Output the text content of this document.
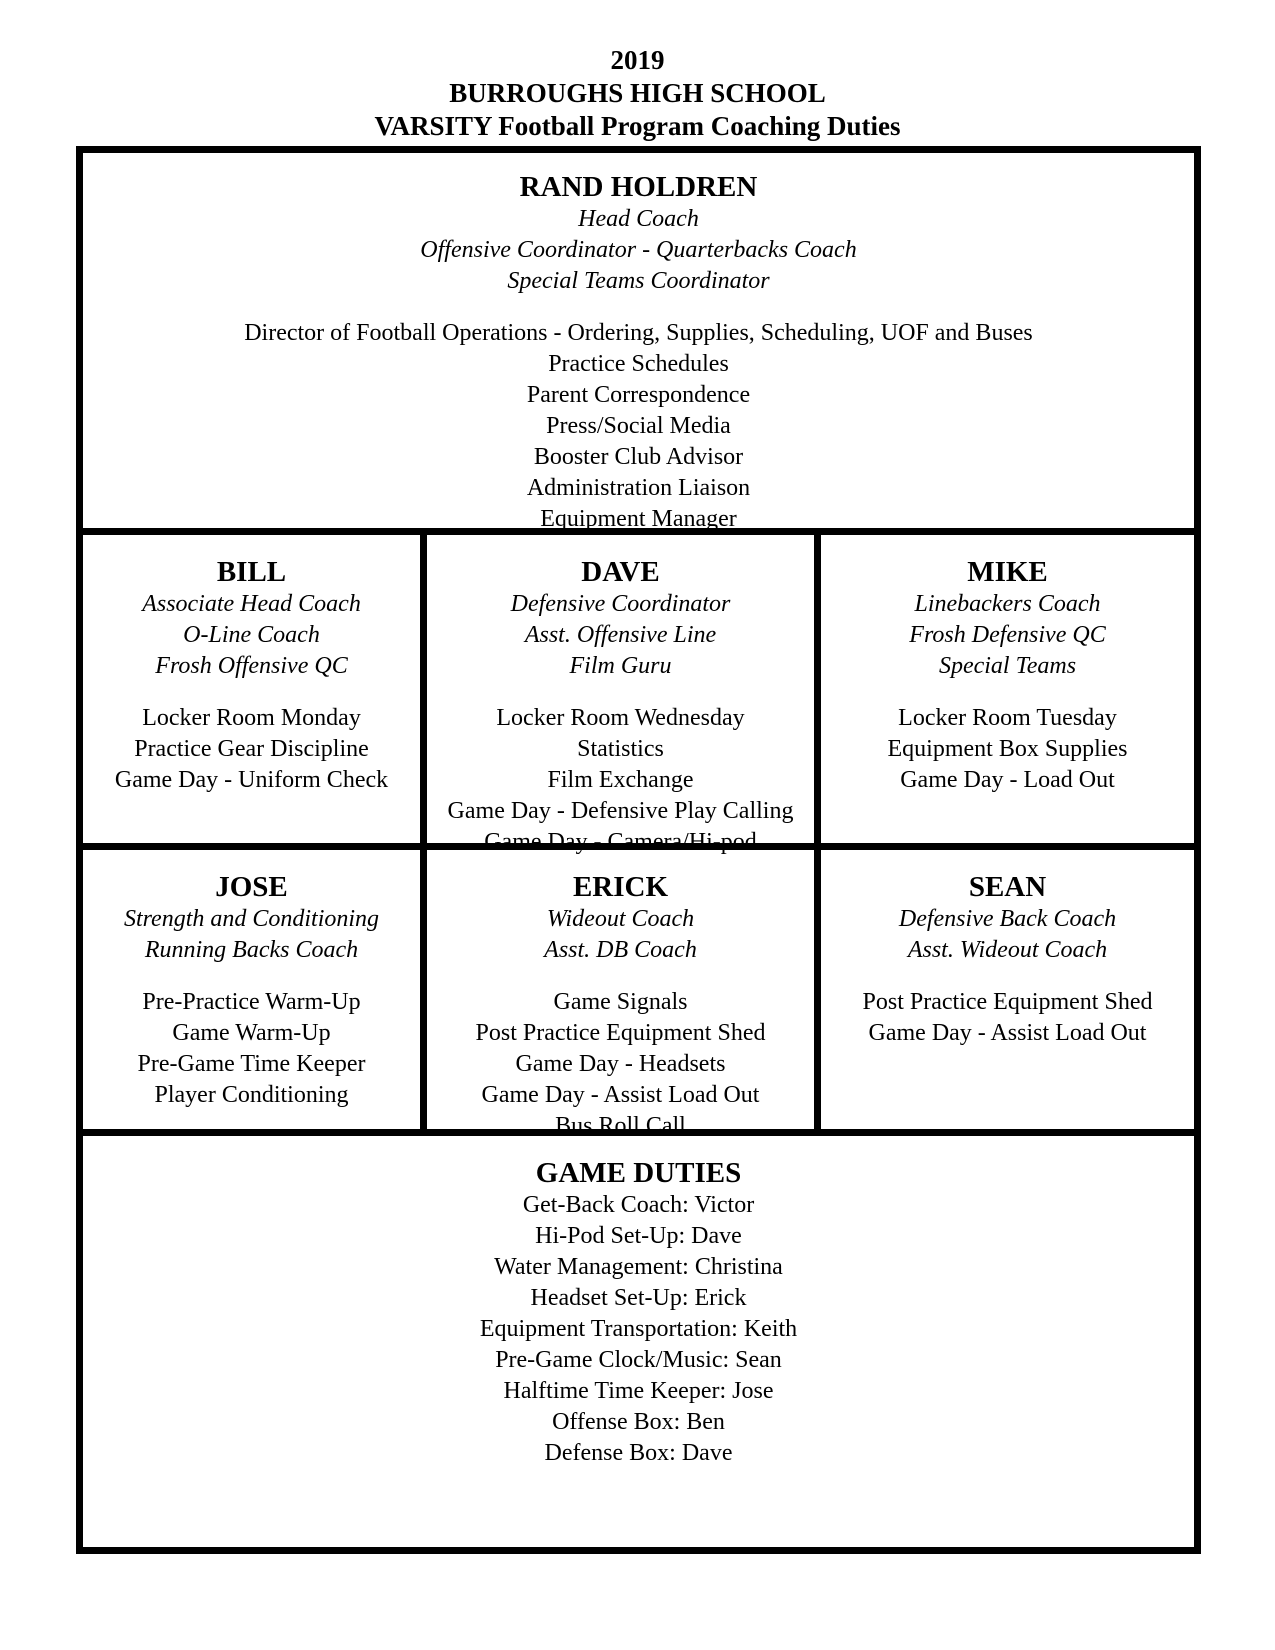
2019
BURROUGHS HIGH SCHOOL
VARSITY Football Program Coaching Duties
RAND HOLDREN
Head Coach
Offensive Coordinator - Quarterbacks Coach
Special Teams Coordinator
Director of Football Operations - Ordering, Supplies, Scheduling, UOF and Buses
Practice Schedules
Parent Correspondence
Press/Social Media
Booster Club Advisor
Administration Liaison
Equipment Manager
BILL
Associate Head Coach
O-Line Coach
Frosh Offensive QC
Locker Room Monday
Practice Gear Discipline
Game Day - Uniform Check
DAVE
Defensive Coordinator
Asst. Offensive Line
Film Guru
Locker Room Wednesday
Statistics
Film Exchange
Game Day - Defensive Play Calling
Game Day - Camera/Hi-pod
MIKE
Linebackers Coach
Frosh Defensive QC
Special Teams
Locker Room Tuesday
Equipment Box Supplies
Game Day - Load Out
JOSE
Strength and Conditioning
Running Backs Coach
Pre-Practice Warm-Up
Game Warm-Up
Pre-Game Time Keeper
Player Conditioning
ERICK
Wideout Coach
Asst. DB Coach
Game Signals
Post Practice Equipment Shed
Game Day - Headsets
Game Day - Assist Load Out
Bus Roll Call
SEAN
Defensive Back Coach
Asst. Wideout Coach
Post Practice Equipment Shed
Game Day - Assist Load Out
GAME DUTIES
Get-Back Coach: Victor
Hi-Pod Set-Up: Dave
Water Management: Christina
Headset Set-Up: Erick
Equipment Transportation: Keith
Pre-Game Clock/Music: Sean
Halftime Time Keeper: Jose
Offense Box: Ben
Defense Box: Dave
